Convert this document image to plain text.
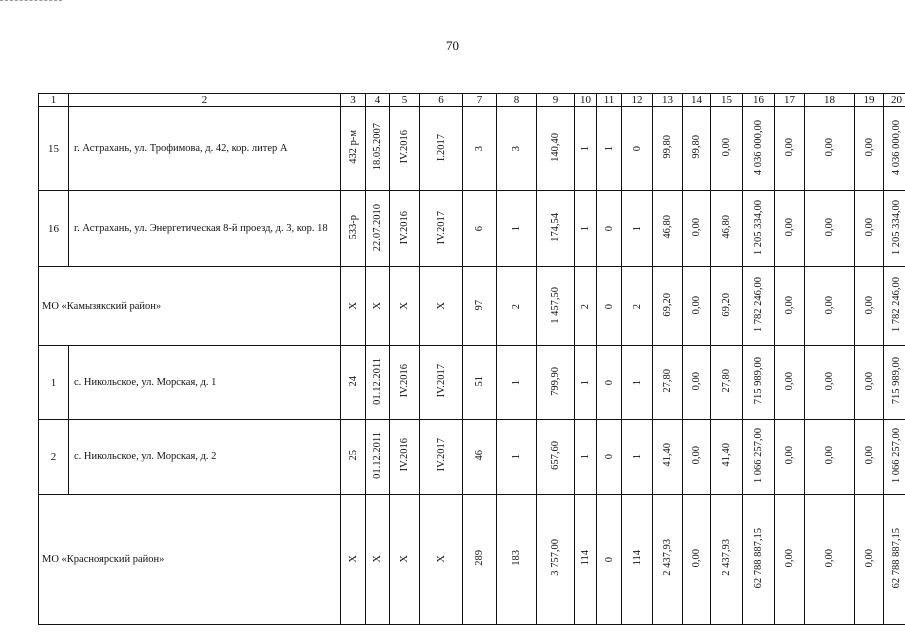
70
1	2	3	4	5	6	7	8	9	10	11	12	13	14	15	16	17	18	19	20
15	г. Астрахань, ул. Трофимова, д. 42, кор. литер А	432 р-м	18.05.2007	IV.2016	I.2017	3	3	140,40	1	1	0	99,80	99,80	0,00	4 036 000,00	0,00	0,00	0,00	4 036 000,00
16	г. Астрахань, ул. Энергетическая 8-й проезд, д. 3, кор. 18	533-р	22.07.2010	IV.2016	IV.2017	6	1	174,54	1	0	1	46,80	0,00	46,80	1 205 334,00	0,00	0,00	0,00	1 205 334,00
МО «Камызякский район»		Х	Х	Х	Х	97	2	1 457,50	2	0	2	69,20	0,00	69,20	1 782 246,00	0,00	0,00	0,00	1 782 246,00
1	с. Никольское, ул. Морская, д. 1	24	01.12.2011	IV.2016	IV.2017	51	1	799,90	1	0	1	27,80	0,00	27,80	715 989,00	0,00	0,00	0,00	715 989,00
2	с. Никольское, ул. Морская, д. 2	25	01.12.2011	IV.2016	IV.2017	46	1	657,60	1	0	1	41,40	0,00	41,40	1 066 257,00	0,00	0,00	0,00	1 066 257,00
МО «Красноярский район»		Х	Х	Х	Х	289	183	3 757,00	114	0	114	2 437,93	0,00	2 437,93	62 788 887,15	0,00	0,00	0,00	62 788 887,15
